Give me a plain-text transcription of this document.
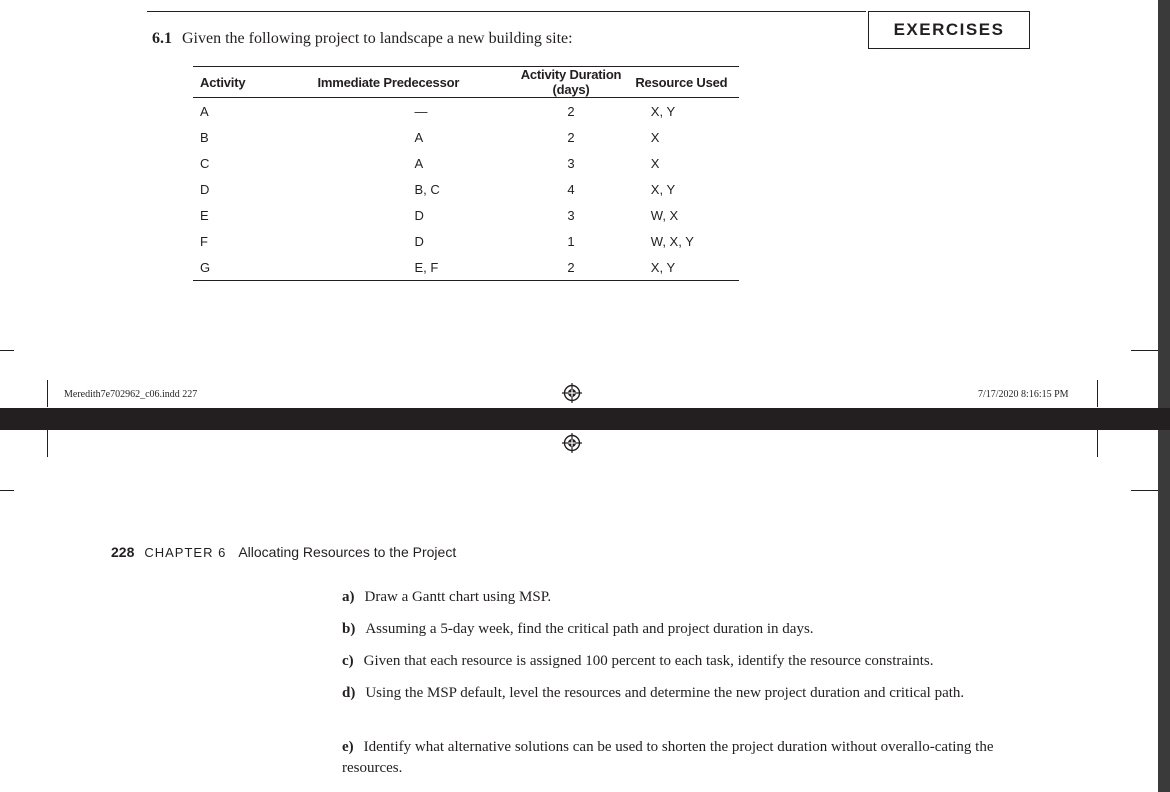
EXERCISES
6.1 Given the following project to landscape a new building site:
Activity	Immediate Predecessor	Activity Duration (days)	Resource Used
A	—	2	X, Y
B	A	2	X
C	A	3	X
D	B, C	4	X, Y
E	D	3	W, X
F	D	1	W, X, Y
G	E, F	2	X, Y
Meredith7e702962_c06.indd 227	7/17/2020 8:16:15 PM
228 CHAPTER 6 Allocating Resources to the Project
a) Draw a Gantt chart using MSP.
b) Assuming a 5-day week, find the critical path and project duration in days.
c) Given that each resource is assigned 100 percent to each task, identify the resource constraints.
d) Using the MSP default, level the resources and determine the new project duration and critical path.
e) Identify what alternative solutions can be used to shorten the project duration without overallo-cating the resources.
